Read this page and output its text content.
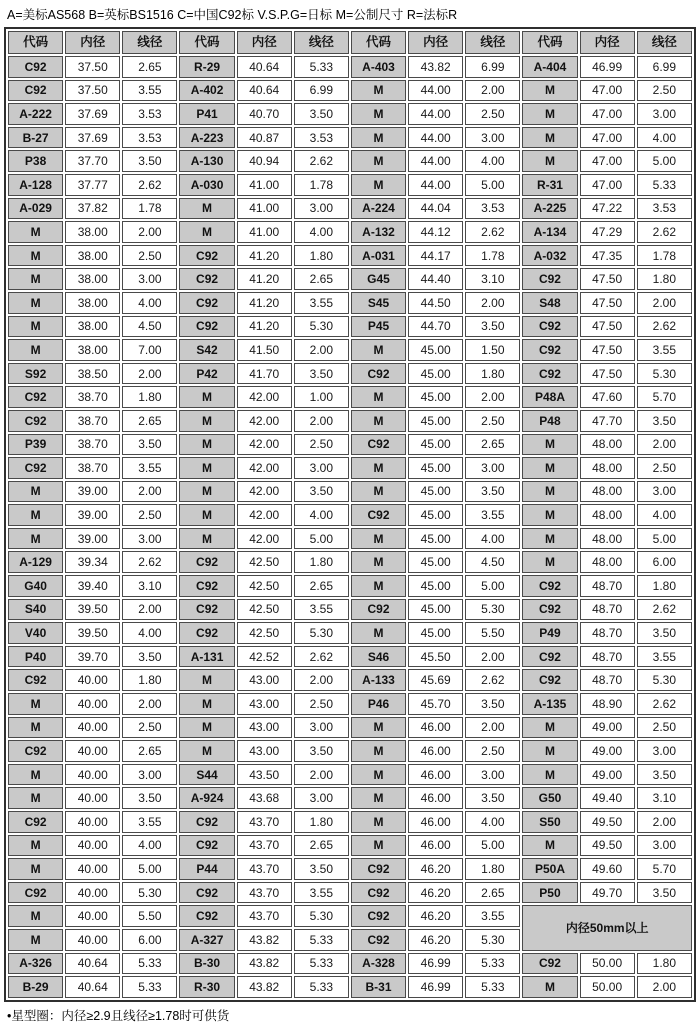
A=美标AS568 B=英标BS1516 C=中国C92标 V.S.P.G=日标 M=公制尺寸 R=法标R
代码	内径	线径	代码	内径	线径	代码	内径	线径	代码	内径	线径
C92	37.50	2.65	R-29	40.64	5.33	A-403	43.82	6.99	A-404	46.99	6.99
C92	37.50	3.55	A-402	40.64	6.99	M	44.00	2.00	M	47.00	2.50
A-222	37.69	3.53	P41	40.70	3.50	M	44.00	2.50	M	47.00	3.00
B-27	37.69	3.53	A-223	40.87	3.53	M	44.00	3.00	M	47.00	4.00
P38	37.70	3.50	A-130	40.94	2.62	M	44.00	4.00	M	47.00	5.00
A-128	37.77	2.62	A-030	41.00	1.78	M	44.00	5.00	R-31	47.00	5.33
A-029	37.82	1.78	M	41.00	3.00	A-224	44.04	3.53	A-225	47.22	3.53
M	38.00	2.00	M	41.00	4.00	A-132	44.12	2.62	A-134	47.29	2.62
M	38.00	2.50	C92	41.20	1.80	A-031	44.17	1.78	A-032	47.35	1.78
M	38.00	3.00	C92	41.20	2.65	G45	44.40	3.10	C92	47.50	1.80
M	38.00	4.00	C92	41.20	3.55	S45	44.50	2.00	S48	47.50	2.00
M	38.00	4.50	C92	41.20	5.30	P45	44.70	3.50	C92	47.50	2.62
M	38.00	7.00	S42	41.50	2.00	M	45.00	1.50	C92	47.50	3.55
S92	38.50	2.00	P42	41.70	3.50	C92	45.00	1.80	C92	47.50	5.30
C92	38.70	1.80	M	42.00	1.00	M	45.00	2.00	P48A	47.60	5.70
C92	38.70	2.65	M	42.00	2.00	M	45.00	2.50	P48	47.70	3.50
P39	38.70	3.50	M	42.00	2.50	C92	45.00	2.65	M	48.00	2.00
C92	38.70	3.55	M	42.00	3.00	M	45.00	3.00	M	48.00	2.50
M	39.00	2.00	M	42.00	3.50	M	45.00	3.50	M	48.00	3.00
M	39.00	2.50	M	42.00	4.00	C92	45.00	3.55	M	48.00	4.00
M	39.00	3.00	M	42.00	5.00	M	45.00	4.00	M	48.00	5.00
A-129	39.34	2.62	C92	42.50	1.80	M	45.00	4.50	M	48.00	6.00
G40	39.40	3.10	C92	42.50	2.65	M	45.00	5.00	C92	48.70	1.80
S40	39.50	2.00	C92	42.50	3.55	C92	45.00	5.30	C92	48.70	2.62
V40	39.50	4.00	C92	42.50	5.30	M	45.00	5.50	P49	48.70	3.50
P40	39.70	3.50	A-131	42.52	2.62	S46	45.50	2.00	C92	48.70	3.55
C92	40.00	1.80	M	43.00	2.00	A-133	45.69	2.62	C92	48.70	5.30
M	40.00	2.00	M	43.00	2.50	P46	45.70	3.50	A-135	48.90	2.62
M	40.00	2.50	M	43.00	3.00	M	46.00	2.00	M	49.00	2.50
C92	40.00	2.65	M	43.00	3.50	M	46.00	2.50	M	49.00	3.00
M	40.00	3.00	S44	43.50	2.00	M	46.00	3.00	M	49.00	3.50
M	40.00	3.50	A-924	43.68	3.00	M	46.00	3.50	G50	49.40	3.10
C92	40.00	3.55	C92	43.70	1.80	M	46.00	4.00	S50	49.50	2.00
M	40.00	4.00	C92	43.70	2.65	M	46.00	5.00	M	49.50	3.00
M	40.00	5.00	P44	43.70	3.50	C92	46.20	1.80	P50A	49.60	5.70
C92	40.00	5.30	C92	43.70	3.55	C92	46.20	2.65	P50	49.70	3.50
M	40.00	5.50	C92	43.70	5.30	C92	46.20	3.55	内径50mm以上		
M	40.00	6.00	A-327	43.82	5.33	C92	46.20	5.30			
A-326	40.64	5.33	B-30	43.82	5.33	A-328	46.99	5.33	C92	50.00	1.80
B-29	40.64	5.33	R-30	43.82	5.33	B-31	46.99	5.33	M	50.00	2.00
•星型圈：内径≥2.9且线径≥1.78时可供货
